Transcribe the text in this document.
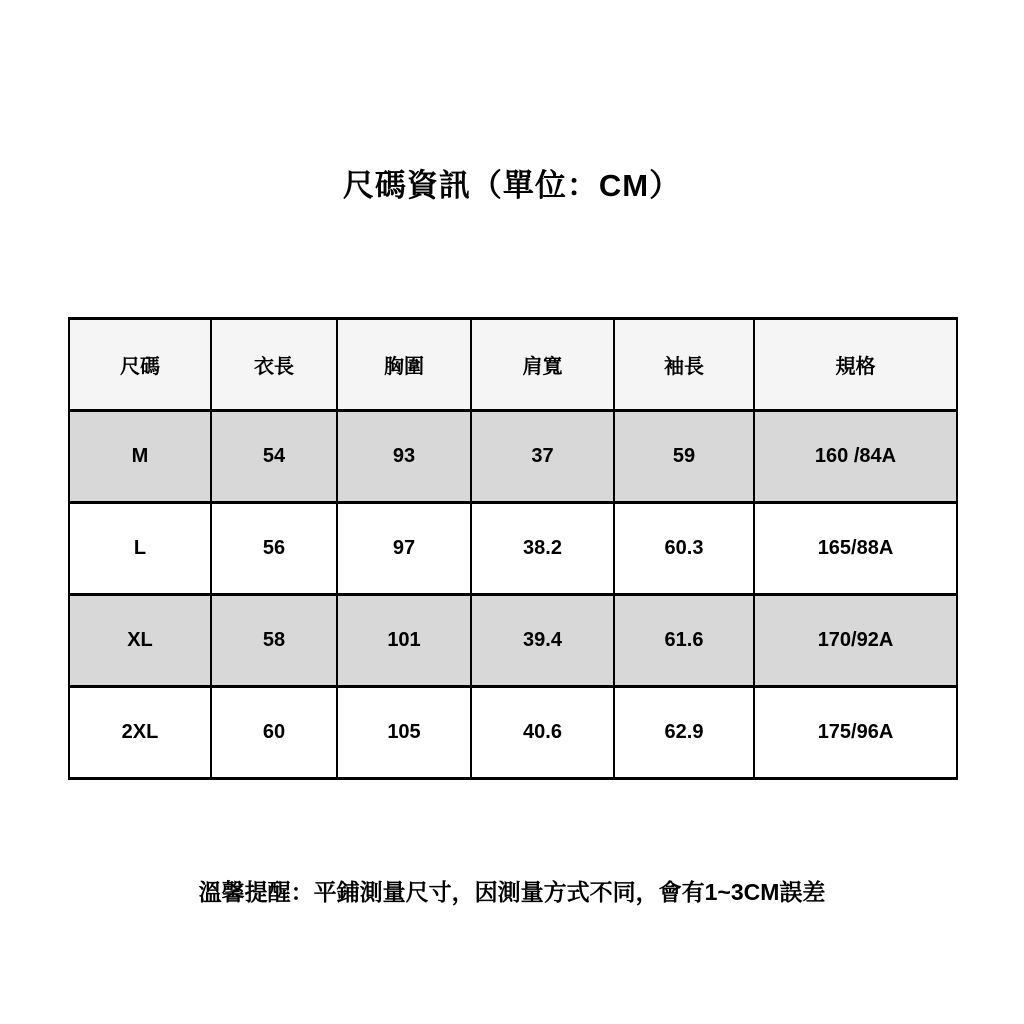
尺碼資訊（單位：CM）
尺碼	衣長	胸圍	肩寬	袖長	規格
M	54	93	37	59	160 /84A
L	56	97	38.2	60.3	165/88A
XL	58	101	39.4	61.6	170/92A
2XL	60	105	40.6	62.9	175/96A
溫馨提醒：平鋪測量尺寸，因測量方式不同，會有1~3CM誤差
